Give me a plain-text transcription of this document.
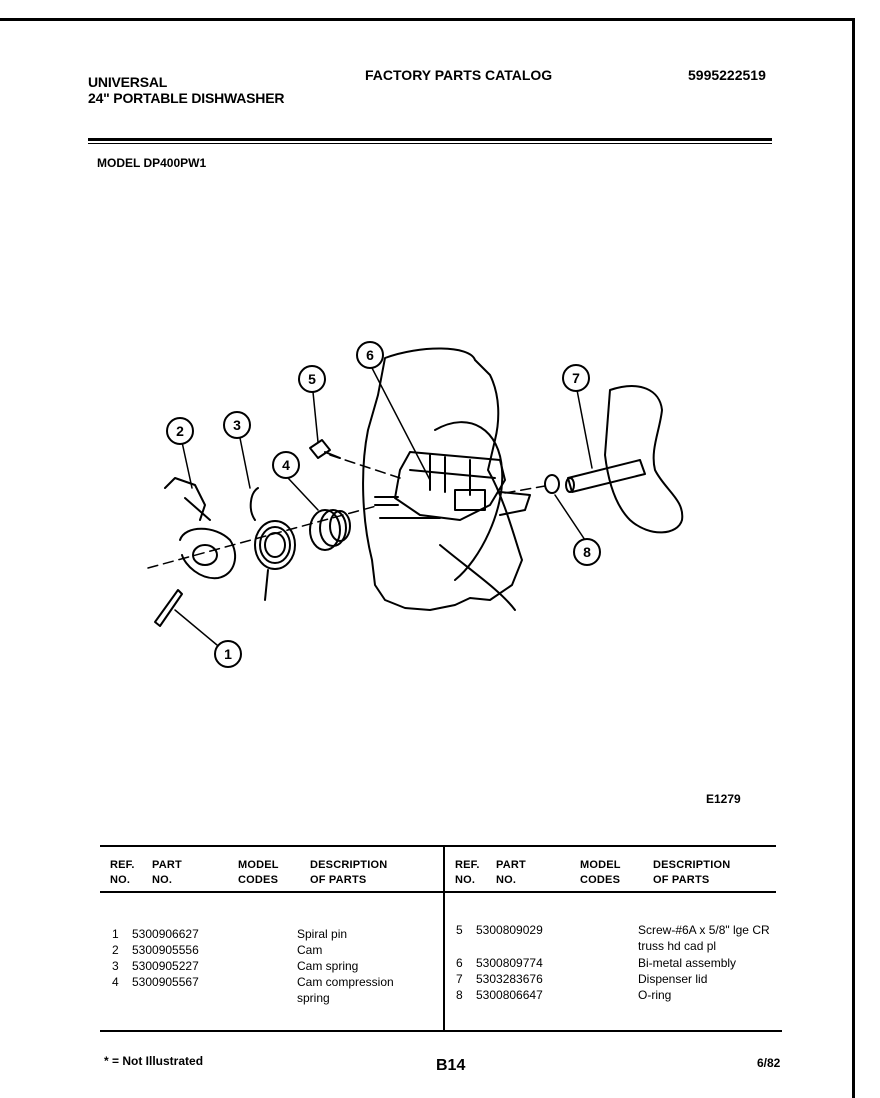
UNIVERSAL
24" PORTABLE DISHWASHER
FACTORY PARTS CATALOG	5995222519
MODEL DP400PW1
1
2	3
4
5
6
7
8
E1279
REF.
NO.
PART
NO.
MODEL
CODES
DESCRIPTION
OF PARTS
REF.
NO.
PART
NO.
MODEL
CODES
DESCRIPTION
OF PARTS
1 5300906627	Spiral pin
2 5300905556	Cam
3 5300905227	Cam spring
4 5300905567	Cam compression spring
5 5300809029	Screw-#6A x 5/8" lge CR truss hd cad pl
6 5300809774	Bi-metal assembly
7 5303283676	Dispenser lid
8 5300806647	O-ring
* = Not Illustrated	B14	6/82
